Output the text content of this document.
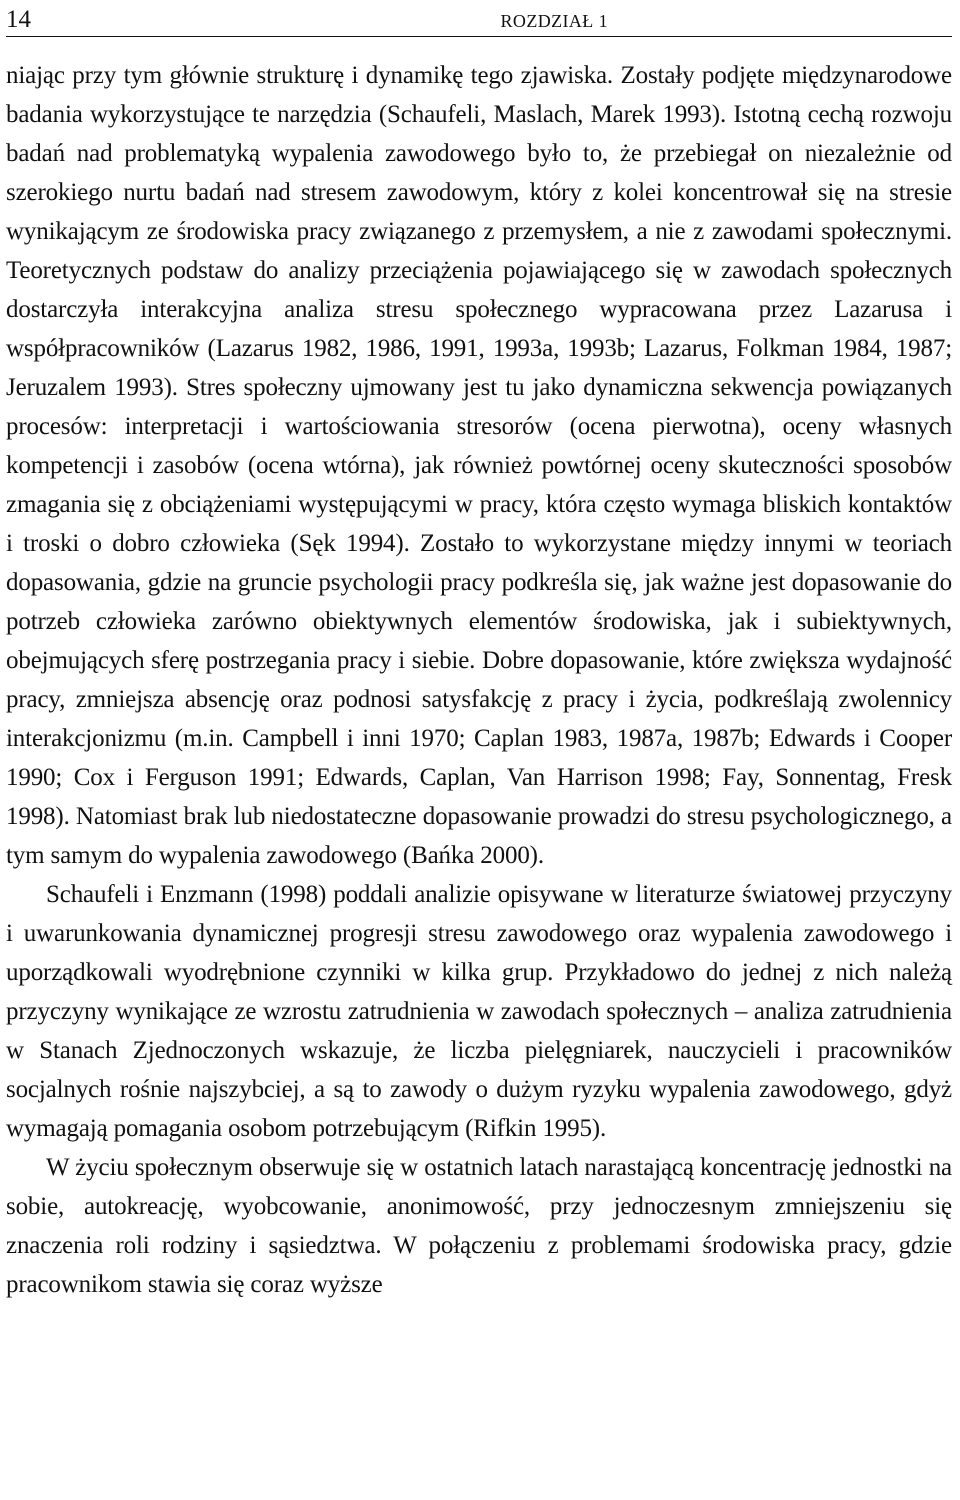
14	ROZDZIAŁ 1

niając przy tym głównie strukturę i dynamikę tego zjawiska. Zostały podjęte międzynarodowe badania wykorzystujące te narzędzia (Schaufeli, Maslach, Marek 1993). Istotną cechą rozwoju badań nad problematyką wypalenia zawodowego było to, że przebiegał on niezależnie od szerokiego nurtu badań nad stresem zawodowym, który z kolei koncentrował się na stresie wynikającym ze środowiska pracy związanego z przemysłem, a nie z zawodami społecznymi. Teoretycznych podstaw do analizy przeciążenia pojawiającego się w zawodach społecznych dostarczyła interakcyjna analiza stresu społecznego wypracowana przez Lazarusa i współpracowników (Lazarus 1982, 1986, 1991, 1993a, 1993b; Lazarus, Folkman 1984, 1987; Jeruzalem 1993). Stres społeczny ujmowany jest tu jako dynamiczna sekwencja powiązanych procesów: interpretacji i wartościowania stresorów (ocena pierwotna), oceny własnych kompetencji i zasobów (ocena wtórna), jak również powtórnej oceny skuteczności sposobów zmagania się z obciążeniami występującymi w pracy, która często wymaga bliskich kontaktów i troski o dobro człowieka (Sęk 1994). Zostało to wykorzystane między innymi w teoriach dopasowania, gdzie na gruncie psychologii pracy podkreśla się, jak ważne jest dopasowanie do potrzeb człowieka zarówno obiektywnych elementów środowiska, jak i subiektywnych, obejmujących sferę postrzegania pracy i siebie. Dobre dopasowanie, które zwiększa wydajność pracy, zmniejsza absencję oraz podnosi satysfakcję z pracy i życia, podkreślają zwolennicy interakcjonizmu (m.in. Campbell i inni 1970; Caplan 1983, 1987a, 1987b; Edwards i Cooper 1990; Cox i Ferguson 1991; Edwards, Caplan, Van Harrison 1998; Fay, Sonnentag, Fresk 1998). Natomiast brak lub niedostateczne dopasowanie prowadzi do stresu psychologicznego, a tym samym do wypalenia zawodowego (Bańka 2000).

Schaufeli i Enzmann (1998) poddali analizie opisywane w literaturze światowej przyczyny i uwarunkowania dynamicznej progresji stresu zawodowego oraz wypalenia zawodowego i uporządkowali wyodrębnione czynniki w kilka grup. Przykładowo do jednej z nich należą przyczyny wynikające ze wzrostu zatrudnienia w zawodach społecznych – analiza zatrudnienia w Stanach Zjednoczonych wskazuje, że liczba pielęgniarek, nauczycieli i pracowników socjalnych rośnie najszybciej, a są to zawody o dużym ryzyku wypalenia zawodowego, gdyż wymagają pomagania osobom potrzebującym (Rifkin 1995).

W życiu społecznym obserwuje się w ostatnich latach narastającą koncentrację jednostki na sobie, autokreację, wyobcowanie, anonimowość, przy jednoczesnym zmniejszeniu się znaczenia roli rodziny i sąsiedztwa. W połączeniu z problemami środowiska pracy, gdzie pracownikom stawia się coraz wyższe
